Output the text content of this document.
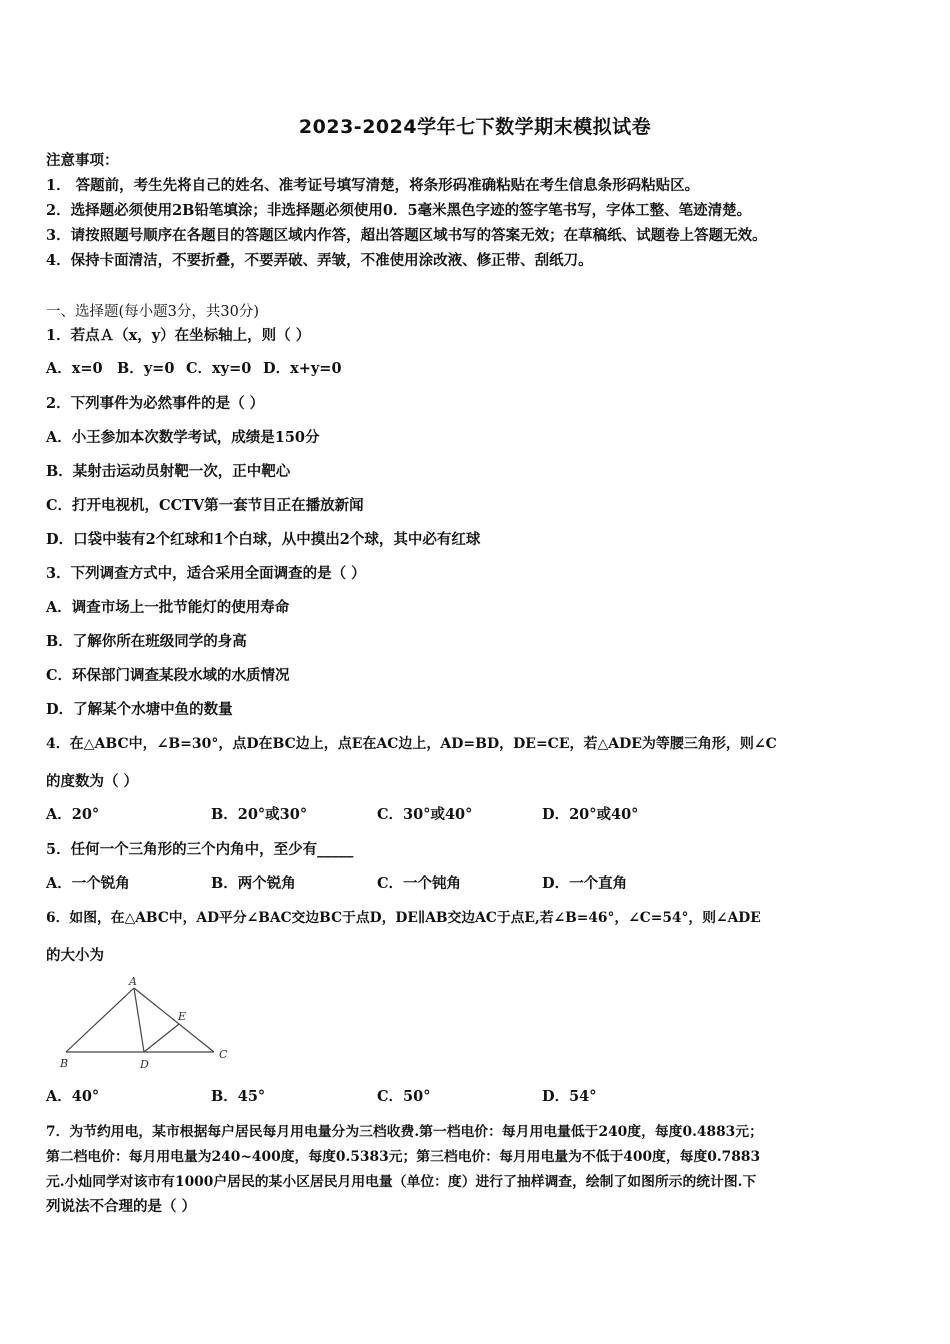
2023-2024学年七下数学期末模拟试卷
注意事项：
1． 答题前，考生先将自己的姓名、准考证号填写清楚，将条形码准确粘贴在考生信息条形码粘贴区。
2．选择题必须使用2B铅笔填涂；非选择题必须使用0．5毫米黑色字迹的签字笔书写，字体工整、笔迹清楚。
3．请按照题号顺序在各题目的答题区域内作答，超出答题区域书写的答案无效；在草稿纸、试题卷上答题无效。
4．保持卡面清洁，不要折叠，不要弄破、弄皱，不准使用涂改液、修正带、刮纸刀。
一、选择题(每小题3分，共30分)
1．若点Ａ（x，y）在坐标轴上，则（ ）
A．x=0 B．y=0 C．xy=0 D．x+y=0
2．下列事件为必然事件的是（ ）
A．小王参加本次数学考试，成绩是150分
B．某射击运动员射靶一次，正中靶心
C．打开电视机，CCTV第一套节目正在播放新闻
D．口袋中装有2个红球和1个白球，从中摸出2个球，其中必有红球
3．下列调查方式中，适合采用全面调查的是（ ）
A．调查市场上一批节能灯的使用寿命
B．了解你所在班级同学的身高
C．环保部门调查某段水域的水质情况
D．了解某个水塘中鱼的数量
4．在△ABC中，∠B=30°，点D在BC边上，点E在AC边上，AD=BD，DE=CE，若△ADE为等腰三角形，则∠C
的度数为（ ）
A．20°	B．20°或30°	C．30°或40°	D．20°或40°
5．任何一个三角形的三个内角中，至少有_____
A．一个锐角	B．两个锐角	C．一个钝角	D．一个直角
6．如图，在△ABC中，AD平分∠BAC交边BC于点D，DE∥AB交边AC于点E,若∠B=46°，∠C=54°，则∠ADE
的大小为
A
B
C
D
E
A．40°	B．45°	C．50°	D．54°
7．为节约用电，某市根据每户居民每月用电量分为三档收费.第一档电价：每月用电量低于240度，每度0.4883元；
第二档电价：每月用电量为240~400度，每度0.5383元；第三档电价：每月用电量为不低于400度，每度0.7883
元.小灿同学对该市有1000户居民的某小区居民月用电量（单位：度）进行了抽样调查，绘制了如图所示的统计图.下
列说法不合理的是（ ）
